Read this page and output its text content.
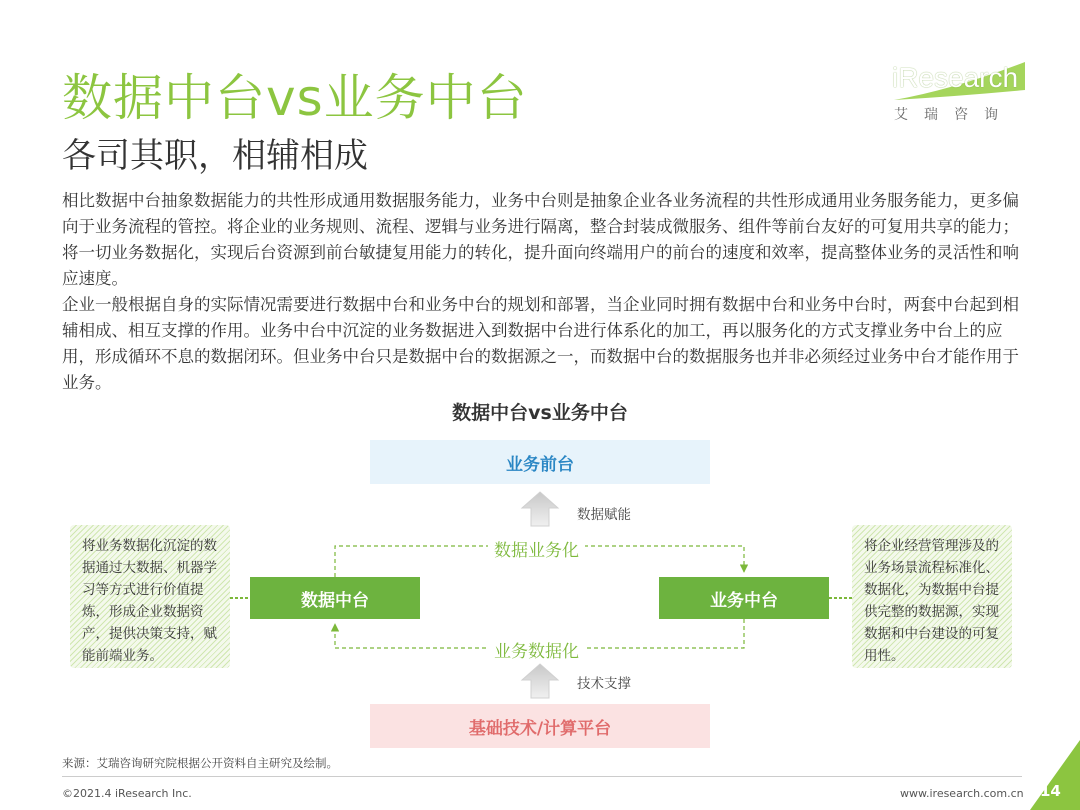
数据中台vs业务中台
各司其职，相辅相成
iResearch
艾瑞咨询

相比数据中台抽象数据能力的共性形成通用数据服务能力，业务中台则是抽象企业各业务流程的共性形成通用业务服务能力，更多偏向于业务流程的管控。将企业的业务规则、流程、逻辑与业务进行隔离，整合封装成微服务、组件等前台友好的可复用共享的能力；将一切业务数据化，实现后台资源到前台敏捷复用能力的转化，提升面向终端用户的前台的速度和效率，提高整体业务的灵活性和响应速度。

企业一般根据自身的实际情况需要进行数据中台和业务中台的规划和部署，当企业同时拥有数据中台和业务中台时，两套中台起到相辅相成、相互支撑的作用。业务中台中沉淀的业务数据进入到数据中台进行体系化的加工，再以服务化的方式支撑业务中台上的应用，形成循环不息的数据闭环。但业务中台只是数据中台的数据源之一，而数据中台的数据服务也并非必须经过业务中台才能作用于业务。

数据中台vs业务中台
业务前台
基础技术/计算平台
数据中台	业务中台
数据业务化
业务数据化
数据赋能
技术支撑
将业务数据化沉淀的数据通过大数据、机器学习等方式进行价值提炼，形成企业数据资产，提供决策支持，赋能前端业务。
将企业经营管理涉及的业务场景流程标准化、数据化，为数据中台提供完整的数据源，实现数据和中台建设的可复用性。
来源：艾瑞咨询研究院根据公开资料自主研究及绘制。
©2021.4 iResearch Inc.	www.iresearch.com.cn 14
